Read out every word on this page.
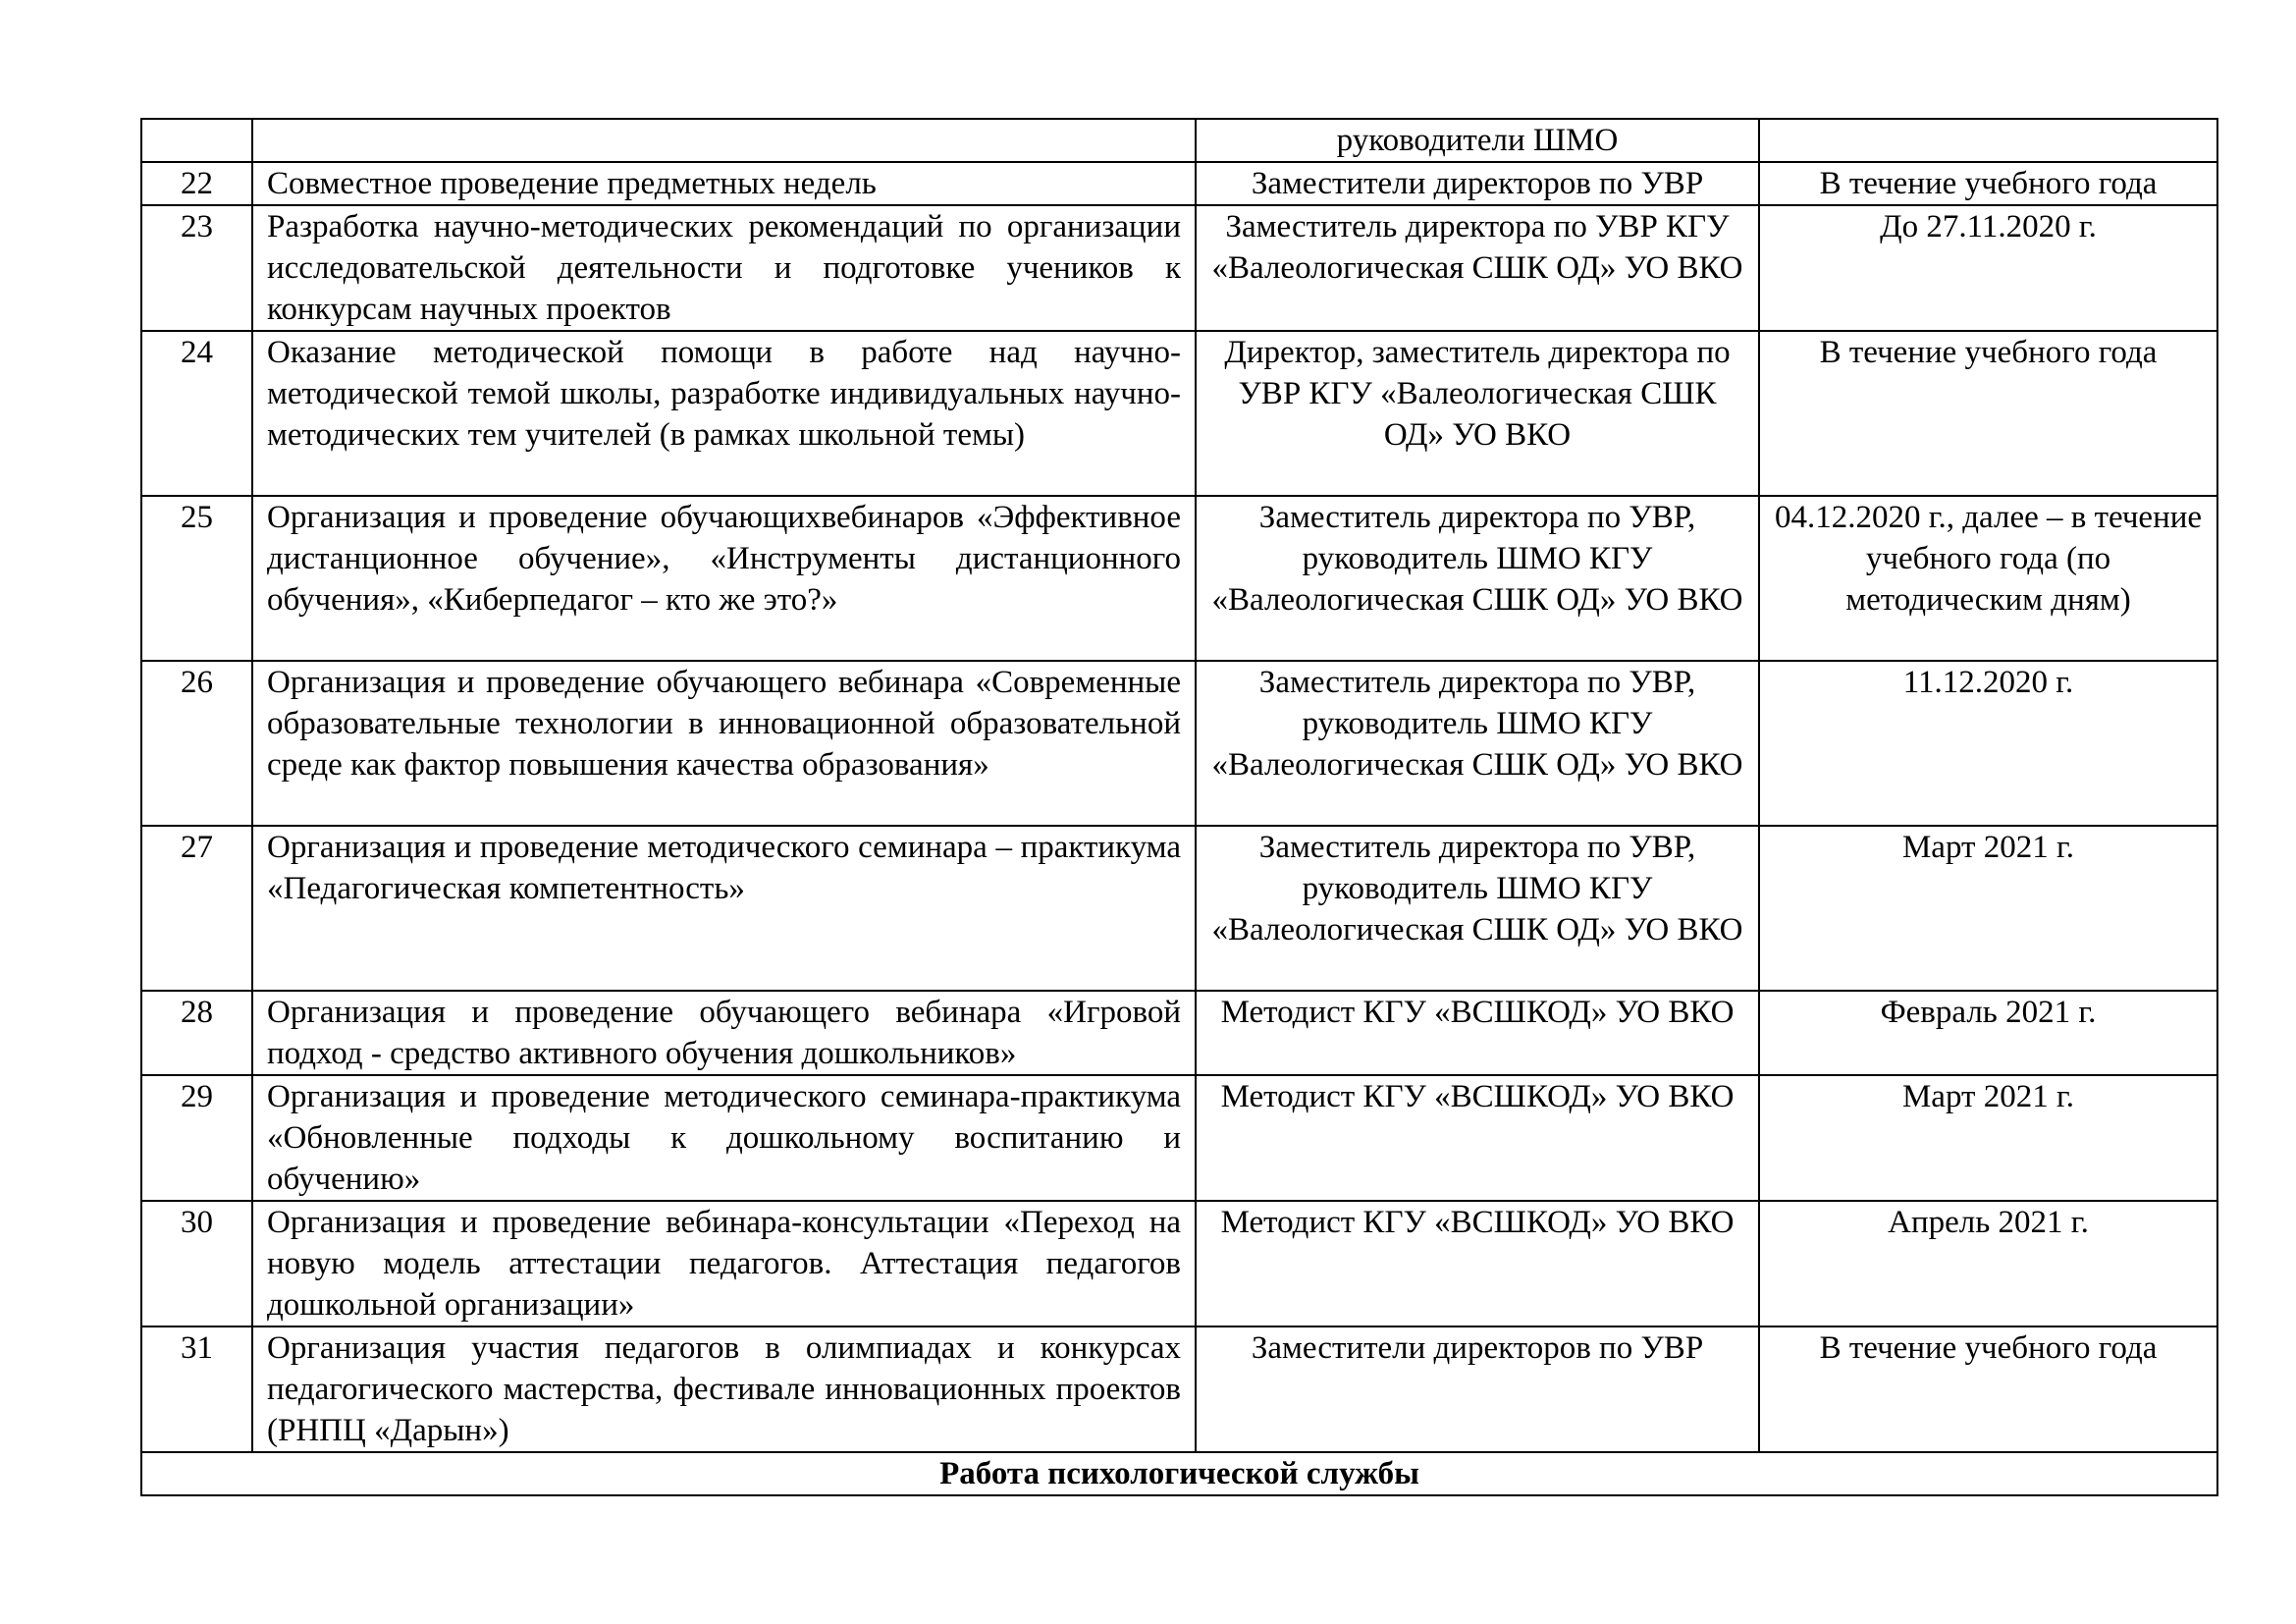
		руководители ШМО	
22	Совместное проведение предметных недель	Заместители директоров по УВР	В течение учебного года
23	Разработка научно-методических рекомендаций по организации исследовательской деятельности и подготовке учеников к конкурсам научных проектов	Заместитель директора по УВР КГУ «Валеологическая СШК ОД» УО ВКО	До 27.11.2020 г.
24	Оказание методической помощи в работе над научно-методической темой школы, разработке индивидуальных научно-методических тем учителей (в рамках школьной темы)	Директор, заместитель директора по УВР КГУ «Валеологическая СШК ОД» УО ВКО	В течение учебного года
25	Организация и проведение обучающихвебинаров «Эффективное дистанционное обучение», «Инструменты дистанционного обучения», «Киберпедагог – кто же это?»	Заместитель директора по УВР, руководитель ШМО КГУ «Валеологическая СШК ОД» УО ВКО	04.12.2020 г., далее – в течение учебного года (по методическим дням)
26	Организация и проведение обучающего вебинара «Современные образовательные технологии в инновационной образовательной среде как фактор повышения качества образования»	Заместитель директора по УВР, руководитель ШМО КГУ «Валеологическая СШК ОД» УО ВКО	11.12.2020 г.
27	Организация и проведение методического семинара – практикума «Педагогическая компетентность»	Заместитель директора по УВР, руководитель ШМО КГУ «Валеологическая СШК ОД» УО ВКО	Март 2021 г.
28	Организация и проведение обучающего вебинара «Игровой подход - средство активного обучения дошкольников»	Методист КГУ «ВСШКОД» УО ВКО	Февраль 2021 г.
29	Организация и проведение методического семинара-практикума «Обновленные подходы к дошкольному воспитанию и обучению»	Методист КГУ «ВСШКОД» УО ВКО	Март 2021 г.
30	Организация и проведение вебинара-консультации «Переход на новую модель аттестации педагогов. Аттестация педагогов дошкольной организации»	Методист КГУ «ВСШКОД» УО ВКО	Апрель 2021 г.
31	Организация участия педагогов в олимпиадах и конкурсах педагогического мастерства, фестивале инновационных проектов (РНПЦ «Дарын»)	Заместители директоров по УВР	В течение учебного года
Работа психологической службы			
